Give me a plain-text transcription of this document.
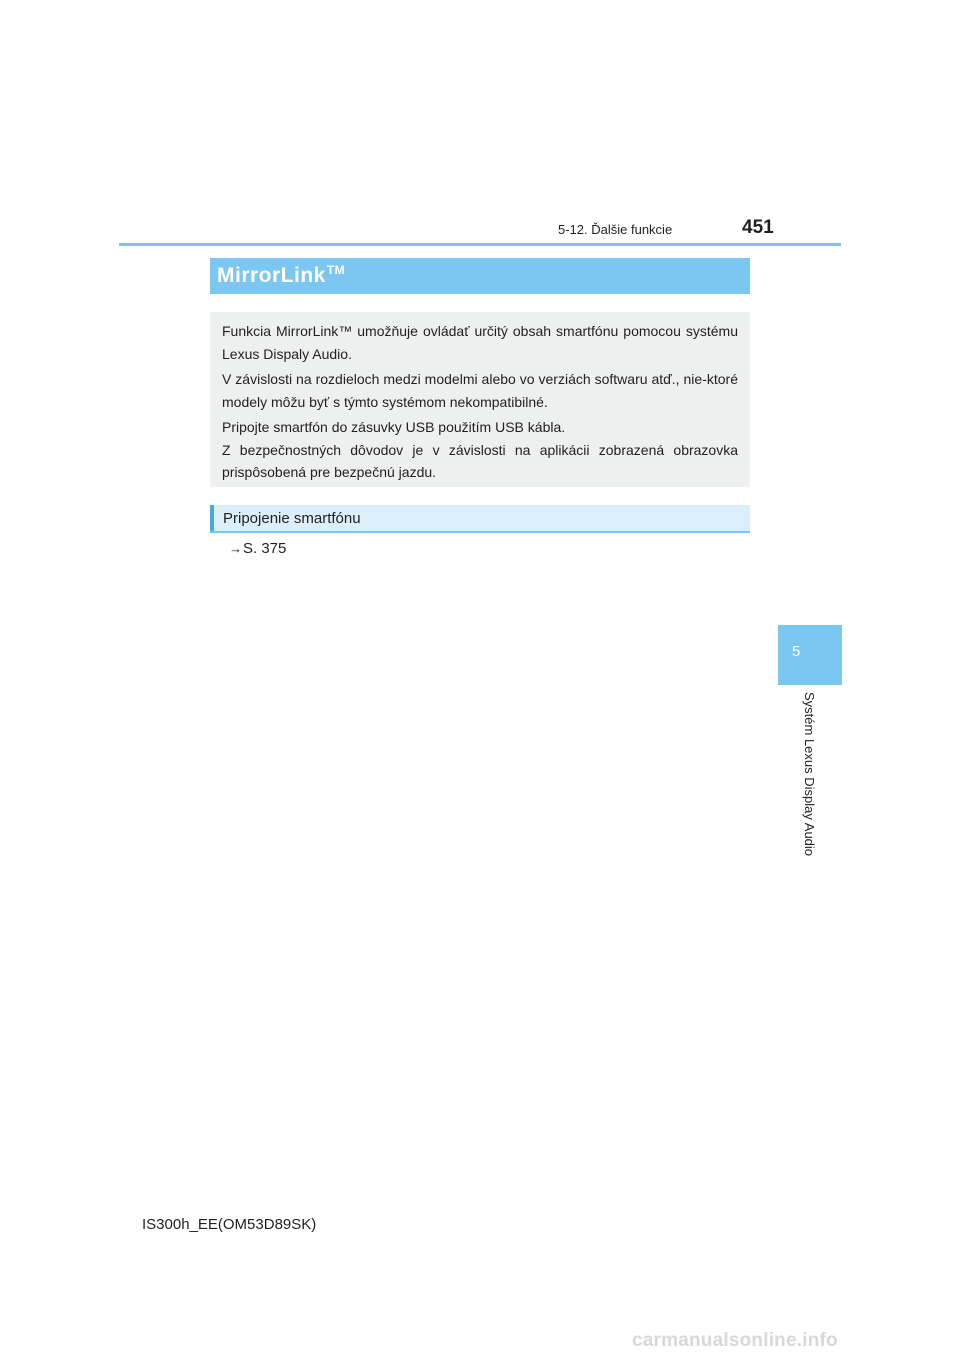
5-12. Ďalšie funkcie	451
MirrorLink™

Funkcia MirrorLink™ umožňuje ovládať určitý obsah smartfónu pomocou systému Lexus Dispaly Audio.

V závislosti na rozdieloch medzi modelmi alebo vo verziách softwaru atď., nie-ktoré modely môžu byť s týmto systémom nekompatibilné.

Pripojte smartfón do zásuvky USB použitím USB kábla.

Z bezpečnostných dôvodov je v závislosti na aplikácii zobrazená obrazovka prispôsobená pre bezpečnú jazdu.

Pripojenie smartfónu
→S. 375
5
Systém Lexus Display Audio
IS300h_EE(OM53D89SK)
carmanualsonline.info
